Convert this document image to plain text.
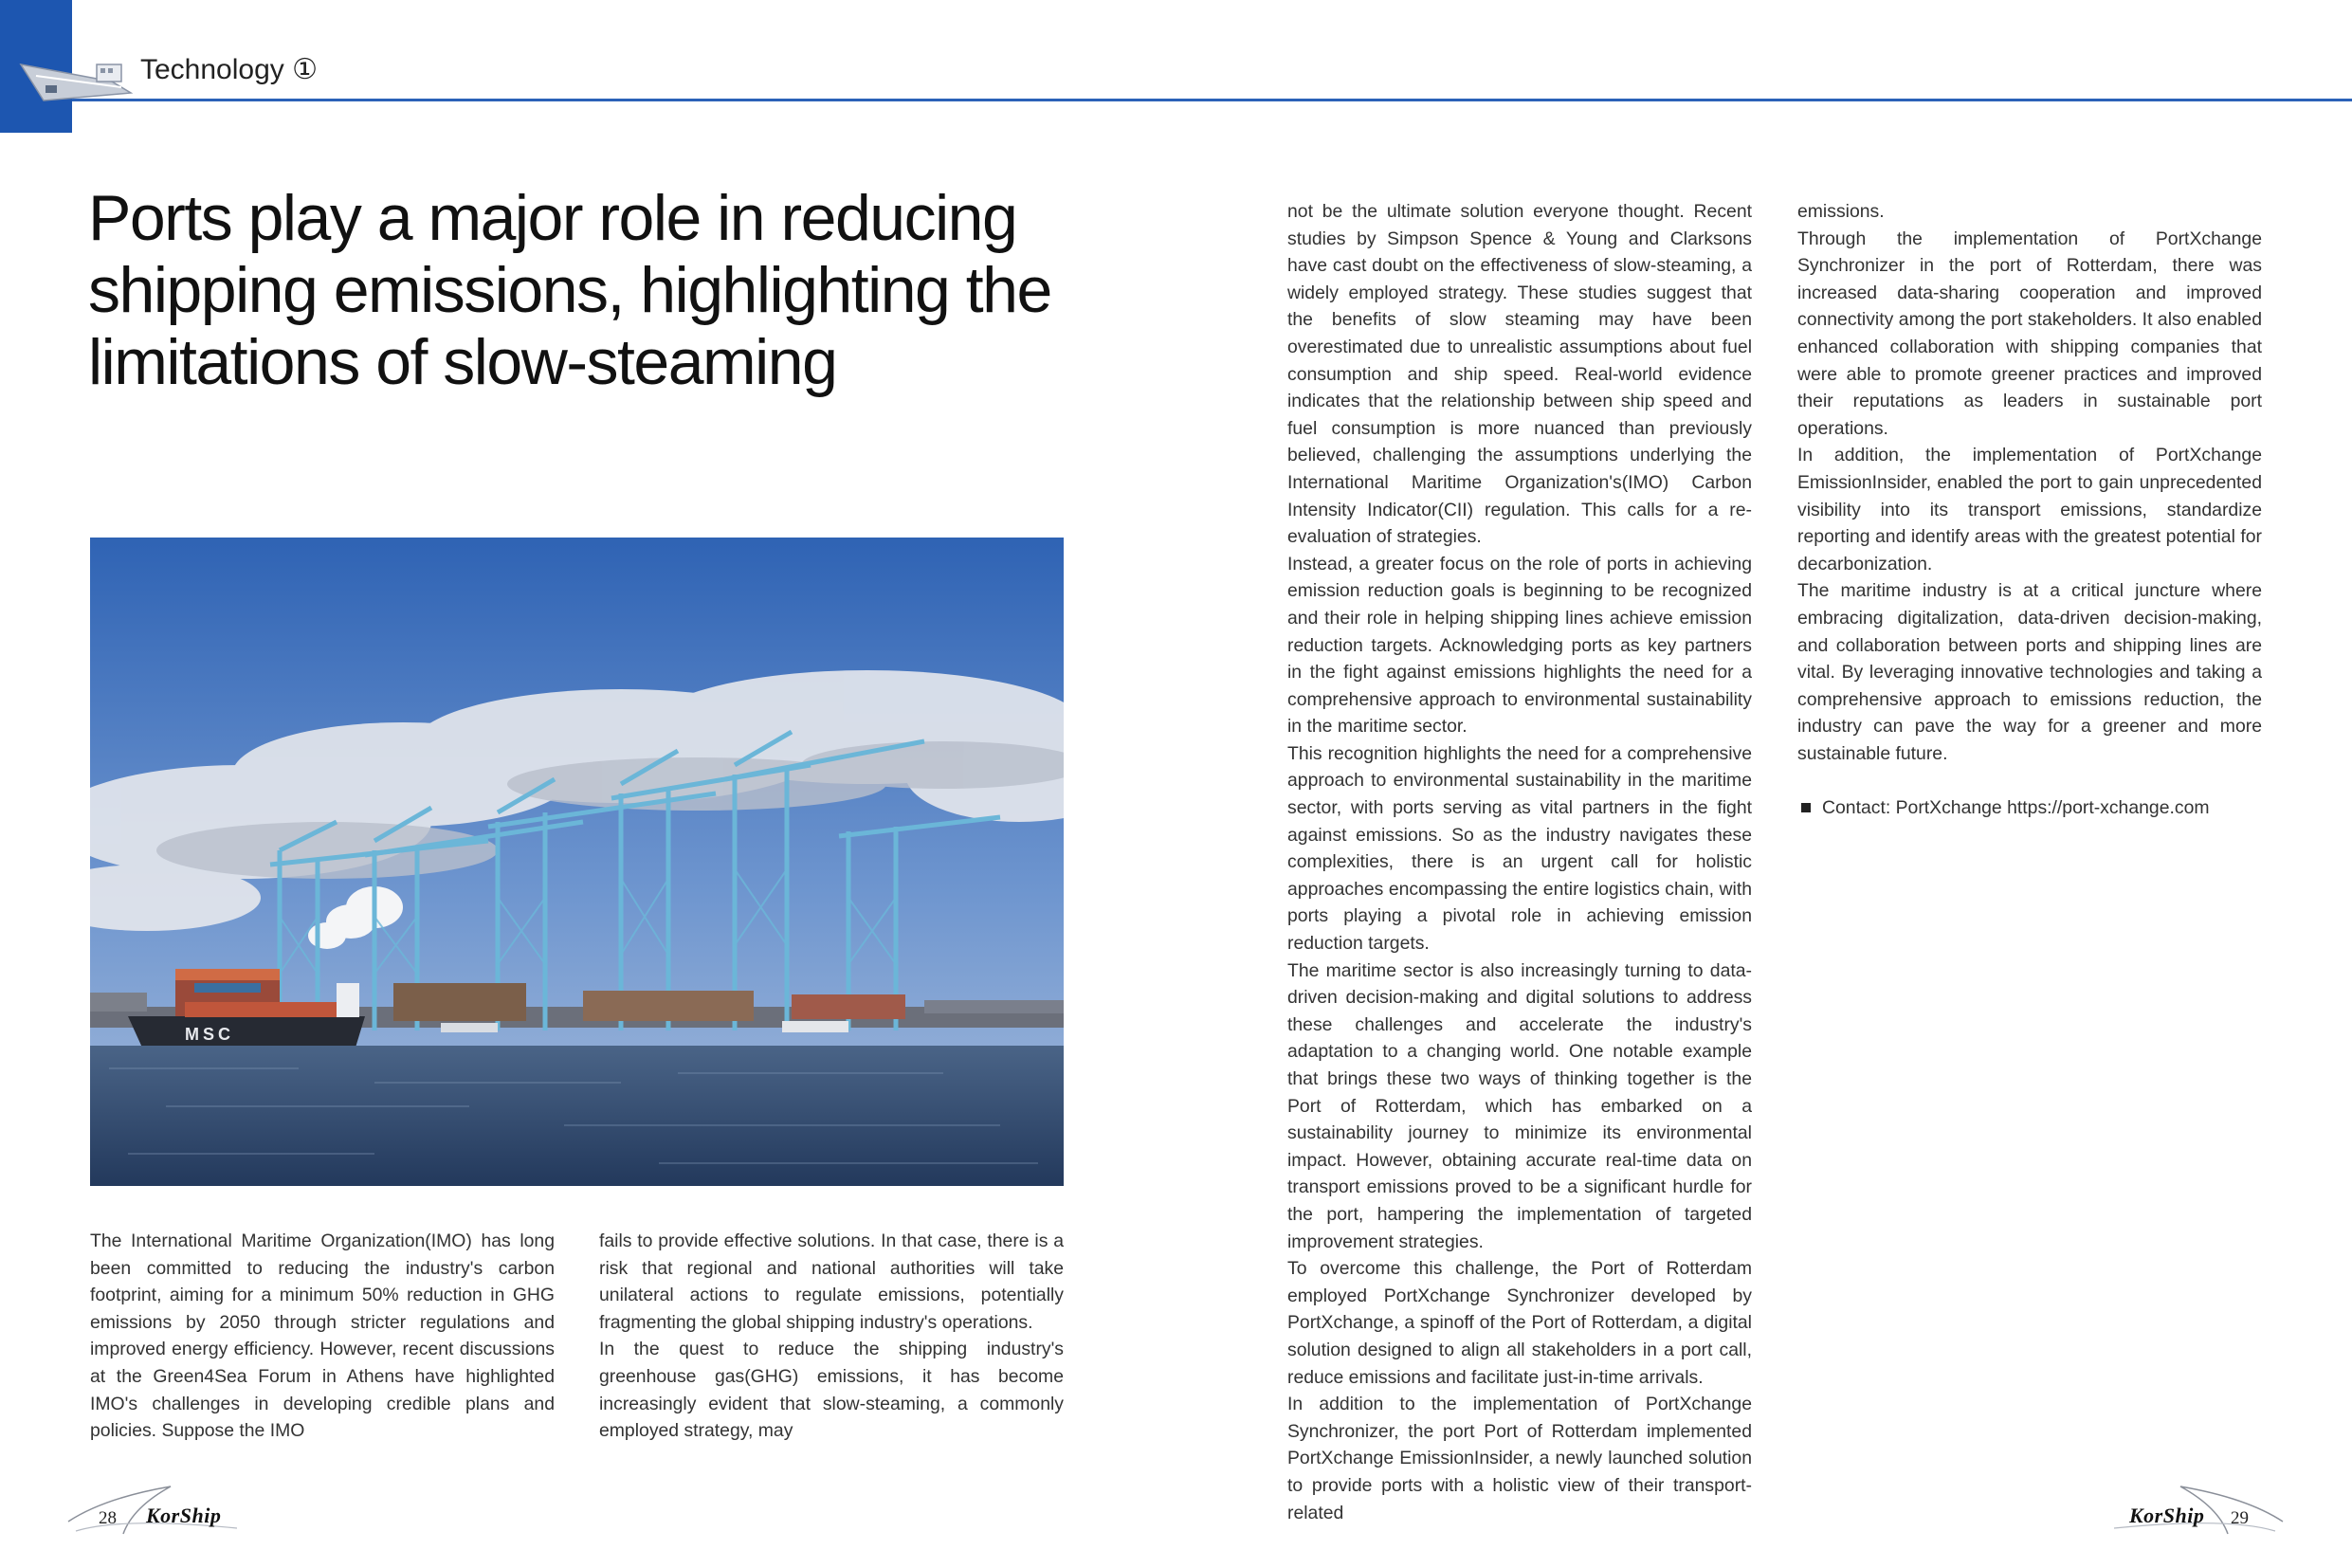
Technology ①
Ports play a major role in reducing shipping emissions, highlighting the limitations of slow-steaming
MSC

The International Maritime Organization(IMO) has long been committed to reducing the industry's carbon footprint, aiming for a minimum 50% reduction in GHG emissions by 2050 through stricter regulations and improved energy efficiency. However, recent discussions at the Green4Sea Forum in Athens have highlighted IMO's challenges in developing credible plans and policies. Suppose the IMO

fails to provide effective solutions. In that case, there is a risk that regional and national authorities will take unilateral actions to regulate emissions, potentially fragmenting the global shipping industry's operations.

In the quest to reduce the shipping industry's greenhouse gas(GHG) emissions, it has become increasingly evident that slow-steaming, a commonly employed strategy, may

not be the ultimate solution everyone thought. Recent studies by Simpson Spence & Young and Clarksons have cast doubt on the effectiveness of slow-steaming, a widely employed strategy. These studies suggest that the benefits of slow steaming may have been overestimated due to unrealistic assumptions about fuel consumption and ship speed. Real-world evidence indicates that the relationship between ship speed and fuel consumption is more nuanced than previously believed, challenging the assumptions underlying the International Maritime Organization's(IMO) Carbon Intensity Indicator(CII) regulation. This calls for a re-evaluation of strategies.

Instead, a greater focus on the role of ports in achieving emission reduction goals is beginning to be recognized and their role in helping shipping lines achieve emission reduction targets. Acknowledging ports as key partners in the fight against emissions highlights the need for a comprehensive approach to environmental sustainability in the maritime sector.

This recognition highlights the need for a comprehensive approach to environmental sustainability in the maritime sector, with ports serving as vital partners in the fight against emissions. So as the industry navigates these complexities, there is an urgent call for holistic approaches encompassing the entire logistics chain, with ports playing a pivotal role in achieving emission reduction targets.

The maritime sector is also increasingly turning to data-driven decision-making and digital solutions to address these challenges and accelerate the industry's adaptation to a changing world. One notable example that brings these two ways of thinking together is the Port of Rotterdam, which has embarked on a sustainability journey to minimize its environmental impact. However, obtaining accurate real-time data on transport emissions proved to be a significant hurdle for the port, hampering the implementation of targeted improvement strategies.

To overcome this challenge, the Port of Rotterdam employed PortXchange Synchronizer developed by PortXchange, a spinoff of the Port of Rotterdam, a digital solution designed to align all stakeholders in a port call, reduce emissions and facilitate just-in-time arrivals.

In addition to the implementation of PortXchange Synchronizer, the port Port of Rotterdam implemented PortXchange EmissionInsider, a newly launched solution to provide ports with a holistic view of their transport-related

emissions.

Through the implementation of PortXchange Synchronizer in the port of Rotterdam, there was increased data-sharing cooperation and improved connectivity among the port stakeholders. It also enabled enhanced collaboration with shipping companies that were able to promote greener practices and improved their reputations as leaders in sustainable port operations.

In addition, the implementation of PortXchange EmissionInsider, enabled the port to gain unprecedented visibility into its transport emissions, standardize reporting and identify areas with the greatest potential for decarbonization.

The maritime industry is at a critical juncture where embracing digitalization, data-driven decision-making, and collaboration between ports and shipping lines are vital. By leveraging innovative technologies and taking a comprehensive approach to emissions reduction, the industry can pave the way for a greener and more sustainable future.

Contact: PortXchange https://port-xchange.com

28 KorShip	KorShip 29
